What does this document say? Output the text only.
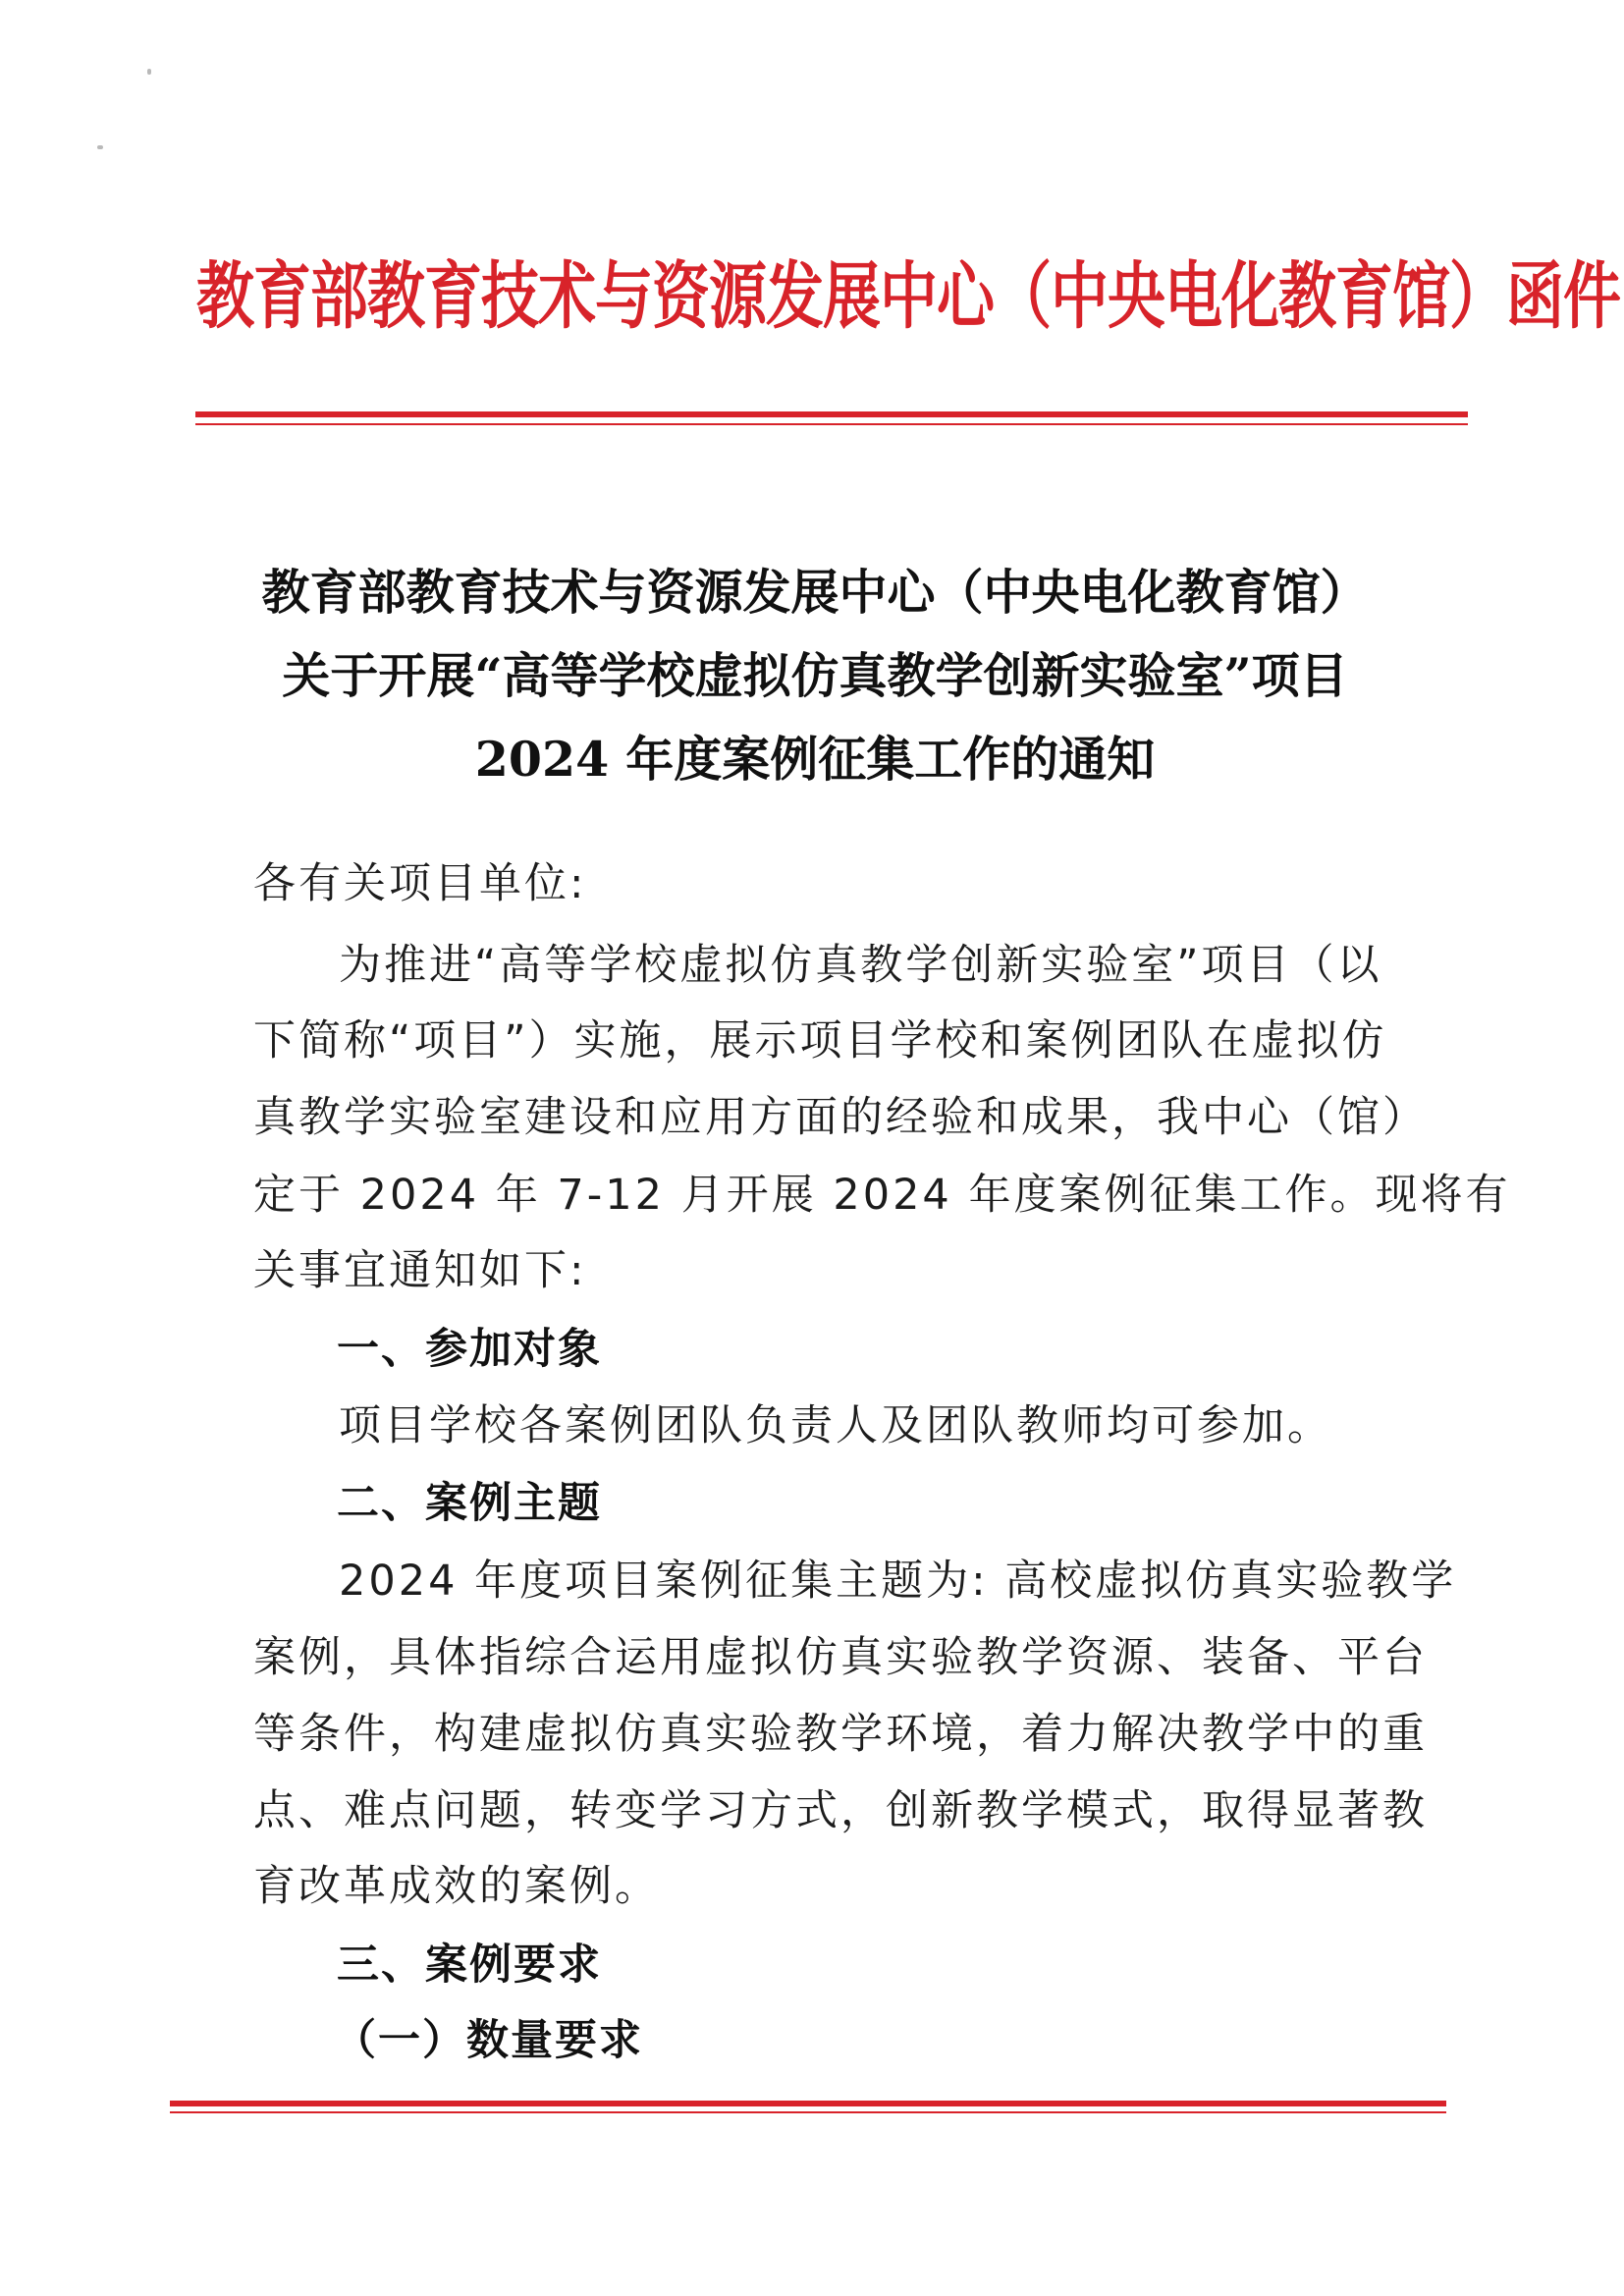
教育部教育技术与资源发展中心（中央电化教育馆）函件
教育部教育技术与资源发展中心（中央电化教育馆）
关于开展“高等学校虚拟仿真教学创新实验室”项目
2024 年度案例征集工作的通知
各有关项目单位:
为推进“高等学校虚拟仿真教学创新实验室”项目（以
下简称“项目”）实施，展示项目学校和案例团队在虚拟仿
真教学实验室建设和应用方面的经验和成果，我中心（馆）
定于 2024 年 7-12 月开展 2024 年度案例征集工作。现将有
关事宜通知如下:
一、参加对象
项目学校各案例团队负责人及团队教师均可参加。
二、案例主题
2024 年度项目案例征集主题为: 高校虚拟仿真实验教学
案例，具体指综合运用虚拟仿真实验教学资源、装备、平台
等条件，构建虚拟仿真实验教学环境，着力解决教学中的重
点、难点问题，转变学习方式，创新教学模式，取得显著教
育改革成效的案例。
三、案例要求
（一）数量要求
